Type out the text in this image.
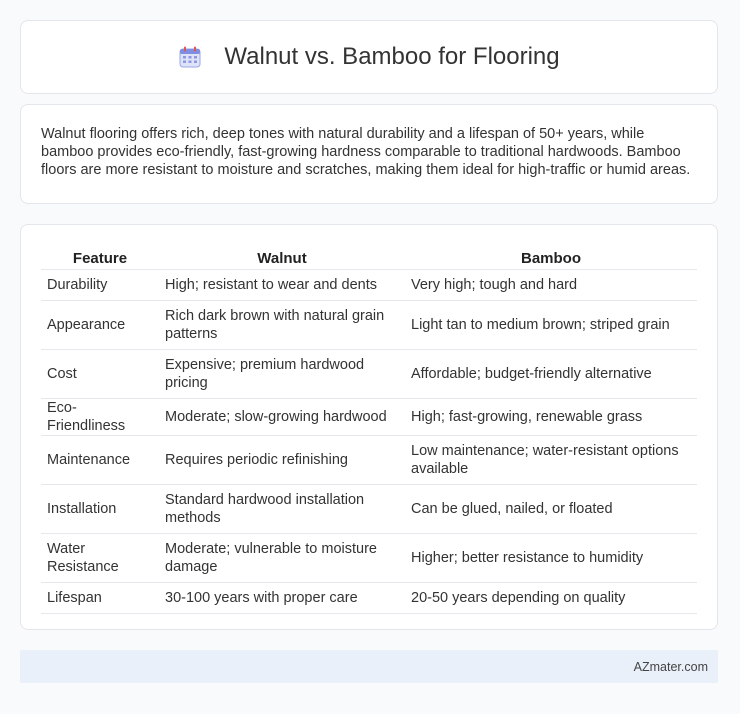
Walnut vs. Bamboo for Flooring

Walnut flooring offers rich, deep tones with natural durability and a lifespan of 50+ years, while bamboo provides eco-friendly, fast-growing hardness comparable to traditional hardwoods. Bamboo floors are more resistant to moisture and scratches, making them ideal for high-traffic or humid areas.

Feature	Walnut	Bamboo
Durability	High; resistant to wear and dents	Very high; tough and hard
Appearance	Rich dark brown with natural grain patterns	Light tan to medium brown; striped grain
Cost	Expensive; premium hardwood pricing	Affordable; budget-friendly alternative
Eco-Friendliness	Moderate; slow-growing hardwood	High; fast-growing, renewable grass
Maintenance	Requires periodic refinishing	Low maintenance; water-resistant options available
Installation	Standard hardwood installation methods	Can be glued, nailed, or floated
Water Resistance	Moderate; vulnerable to moisture damage	Higher; better resistance to humidity
Lifespan	30-100 years with proper care	20-50 years depending on quality
AZmater.com
